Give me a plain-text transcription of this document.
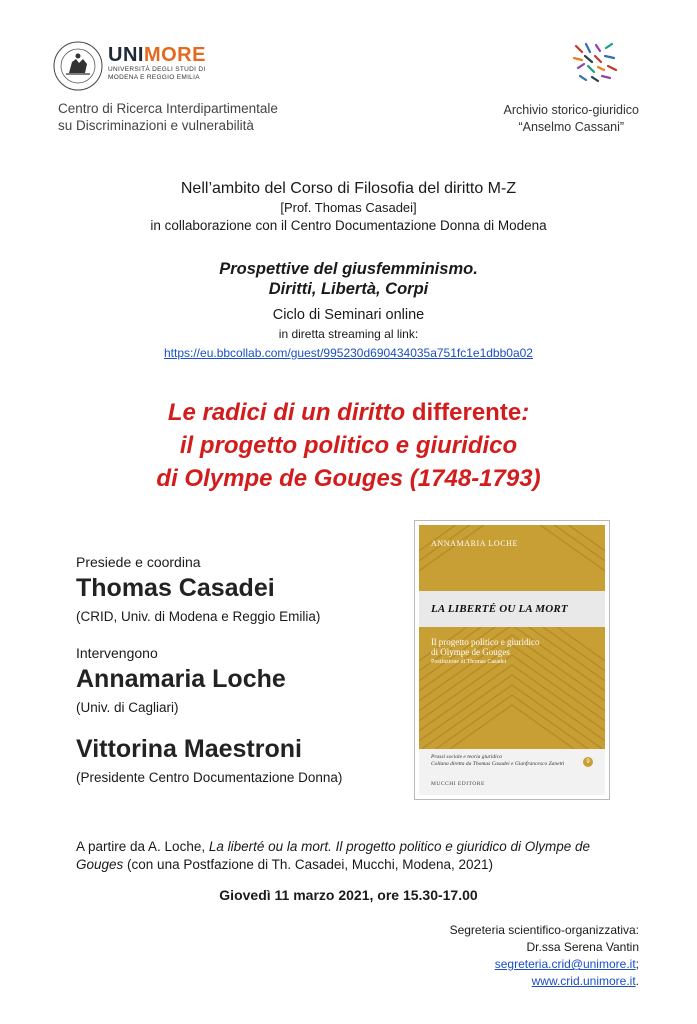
UNIMORE
UNIVERSITÀ DEGLI STUDI DI
MODENA E REGGIO EMILIA
Centro di Ricerca Interdipartimentale
su Discriminazioni e vulnerabilità
Archivio storico-giuridico
“Anselmo Cassani”
Nell’ambito del Corso di Filosofia del diritto M-Z
[Prof. Thomas Casadei]
in collaborazione con il Centro Documentazione Donna di Modena
Prospettive del giusfemminismo.
Diritti, Libertà, Corpi
Ciclo di Seminari online
in diretta streaming al link:
https://eu.bbcollab.com/guest/995230d690434035a751fc1e1dbb0a02
Le radici di un diritto differente:
il progetto politico e giuridico
di Olympe de Gouges (1748-1793)
Presiede e coordina
Thomas Casadei
(CRID, Univ. di Modena e Reggio Emilia)
Intervengono
Annamaria Loche
(Univ. di Cagliari)
Vittorina Maestroni
(Presidente Centro Documentazione Donna)
ANNAMARIA LOCHE
LA LIBERTÉ OU LA MORT
Il progetto politico e giuridico
di Olympe de Gouges
Postfazione di Thomas Casadei
Prassi sociale e teoria giuridica
Collana diretta da Thomas Casadei e Gianfrancesco Zanetti	9
MUCCHI EDITORE
A partire da A. Loche, La liberté ou la mort. Il progetto politico e giuridico di Olympe de Gouges (con una Postfazione di Th. Casadei, Mucchi, Modena, 2021)
Giovedì 11 marzo 2021, ore 15.30-17.00
Segreteria scientifico-organizzativa:
Dr.ssa Serena Vantin
segreteria.crid@unimore.it;
www.crid.unimore.it.
